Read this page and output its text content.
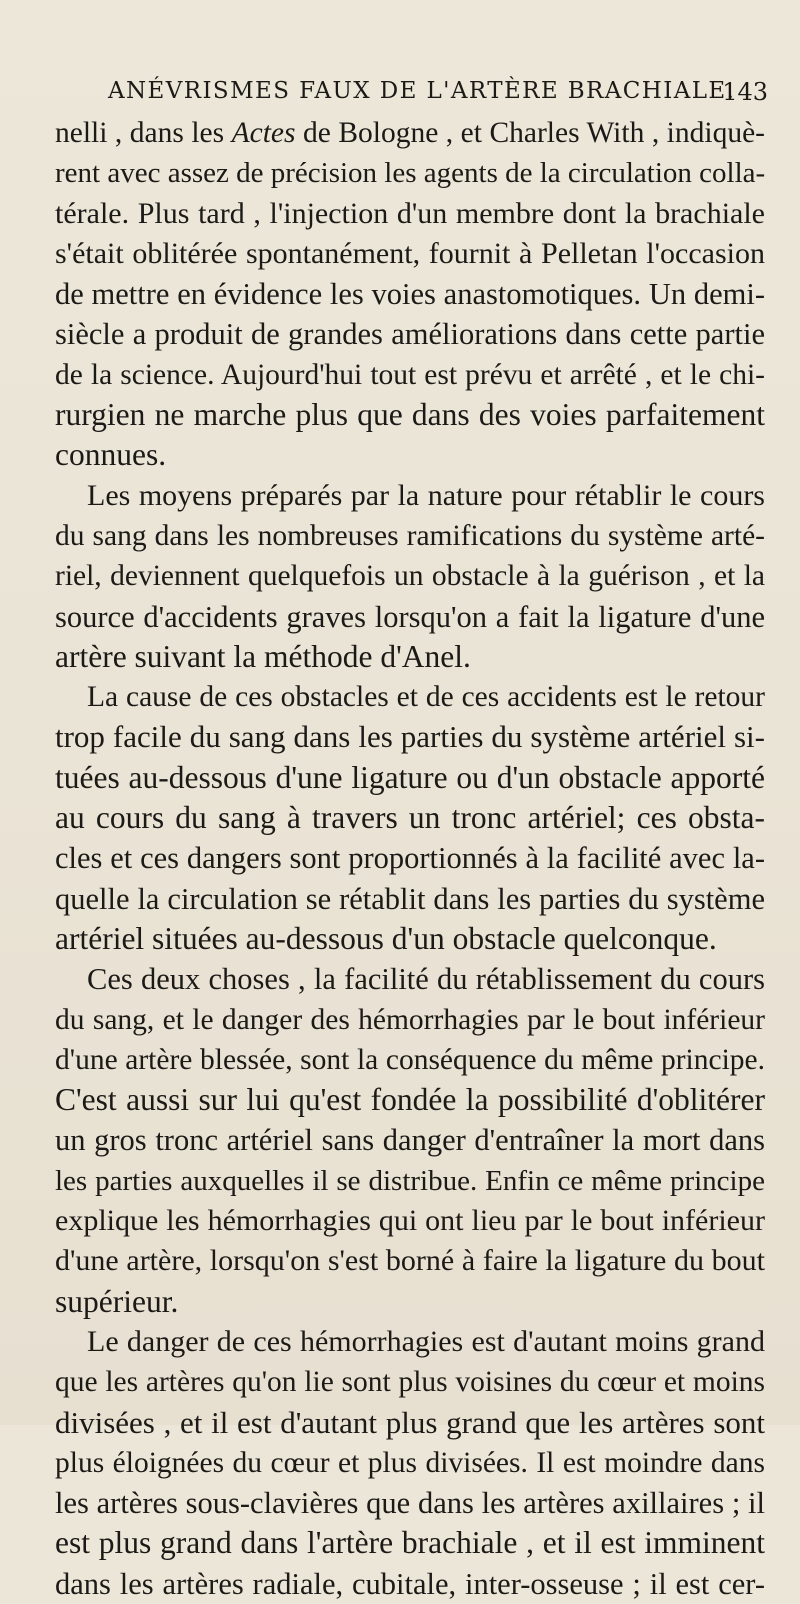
ANÉVRISMES FAUX DE L'ARTÈRE BRACHIALE.
143
nelli , dans les Actes de Bologne , et Charles With , indiquè-
rent avec assez de précision les agents de la circulation colla-
térale. Plus tard , l'injection d'un membre dont la brachiale
s'était oblitérée spontanément, fournit à Pelletan l'occasion
de mettre en évidence les voies anastomotiques. Un demi-
siècle a produit de grandes améliorations dans cette partie
de la science. Aujourd'hui tout est prévu et arrêté , et le chi-
rurgien ne marche plus que dans des voies parfaitement
connues.
Les moyens préparés par la nature pour rétablir le cours
du sang dans les nombreuses ramifications du système arté-
riel, deviennent quelquefois un obstacle à la guérison , et la
source d'accidents graves lorsqu'on a fait la ligature d'une
artère suivant la méthode d'Anel.
La cause de ces obstacles et de ces accidents est le retour
trop facile du sang dans les parties du système artériel si-
tuées au-dessous d'une ligature ou d'un obstacle apporté
au cours du sang à travers un tronc artériel; ces obsta-
cles et ces dangers sont proportionnés à la facilité avec la-
quelle la circulation se rétablit dans les parties du système
artériel situées au-dessous d'un obstacle quelconque.
Ces deux choses , la facilité du rétablissement du cours
du sang, et le danger des hémorrhagies par le bout inférieur
d'une artère blessée, sont la conséquence du même principe.
C'est aussi sur lui qu'est fondée la possibilité d'oblitérer
un gros tronc artériel sans danger d'entraîner la mort dans
les parties auxquelles il se distribue. Enfin ce même principe
explique les hémorrhagies qui ont lieu par le bout inférieur
d'une artère, lorsqu'on s'est borné à faire la ligature du bout
supérieur.
Le danger de ces hémorrhagies est d'autant moins grand
que les artères qu'on lie sont plus voisines du cœur et moins
divisées , et il est d'autant plus grand que les artères sont
plus éloignées du cœur et plus divisées. Il est moindre dans
les artères sous-clavières que dans les artères axillaires ; il
est plus grand dans l'artère brachiale , et il est imminent
dans les artères radiale, cubitale, inter-osseuse ; il est cer-
